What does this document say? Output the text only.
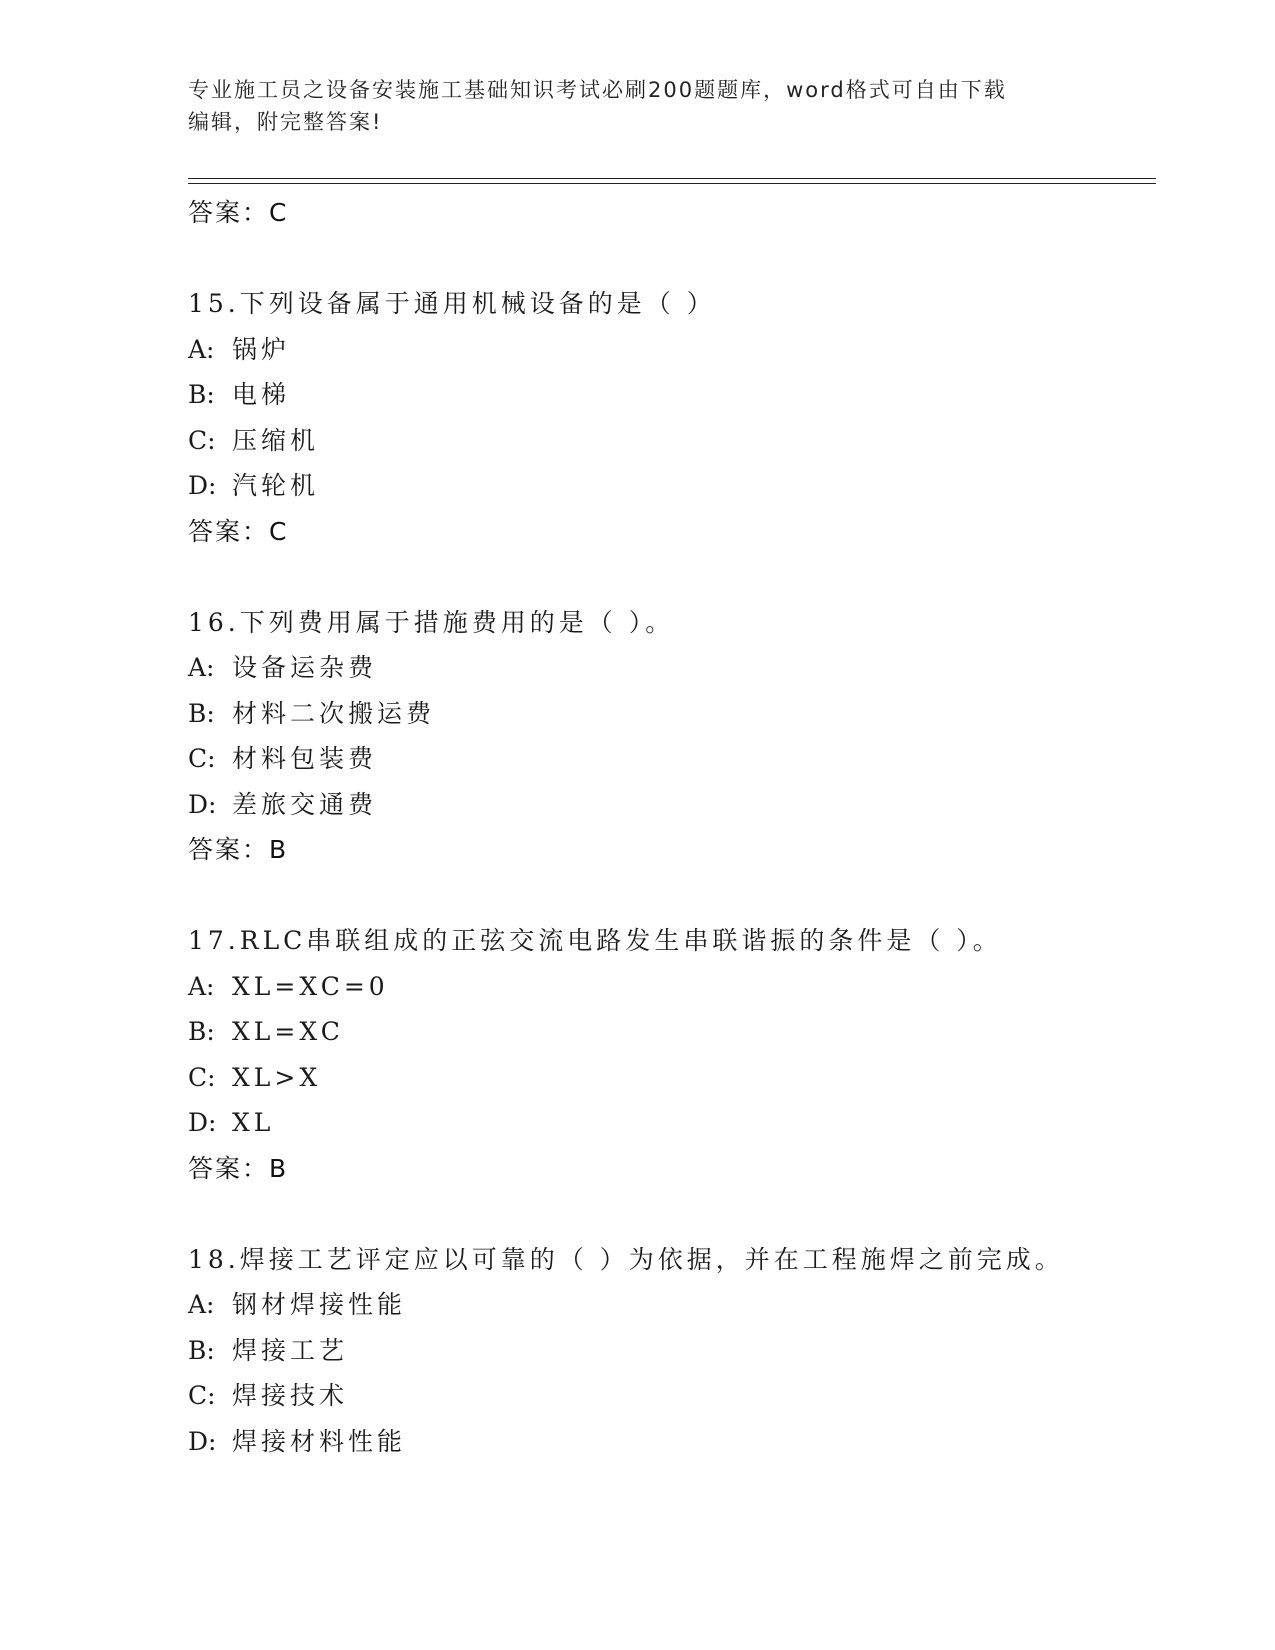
专业施工员之设备安装施工基础知识考试必刷200题题库，word格式可自由下载
编辑，附完整答案!
答案：C
15.下列设备属于通用机械设备的是（ ）
A: 锅炉
B: 电梯
C: 压缩机
D: 汽轮机
答案：C
16.下列费用属于措施费用的是（ ）。
A: 设备运杂费
B: 材料二次搬运费
C: 材料包装费
D: 差旅交通费
答案：B
17.RLC串联组成的正弦交流电路发生串联谐振的条件是（ ）。
A: XL=XC=0
B: XL=XC
C: XL>X
D: XL
答案：B
18.焊接工艺评定应以可靠的（ ）为依据，并在工程施焊之前完成。
A: 钢材焊接性能
B: 焊接工艺
C: 焊接技术
D: 焊接材料性能
